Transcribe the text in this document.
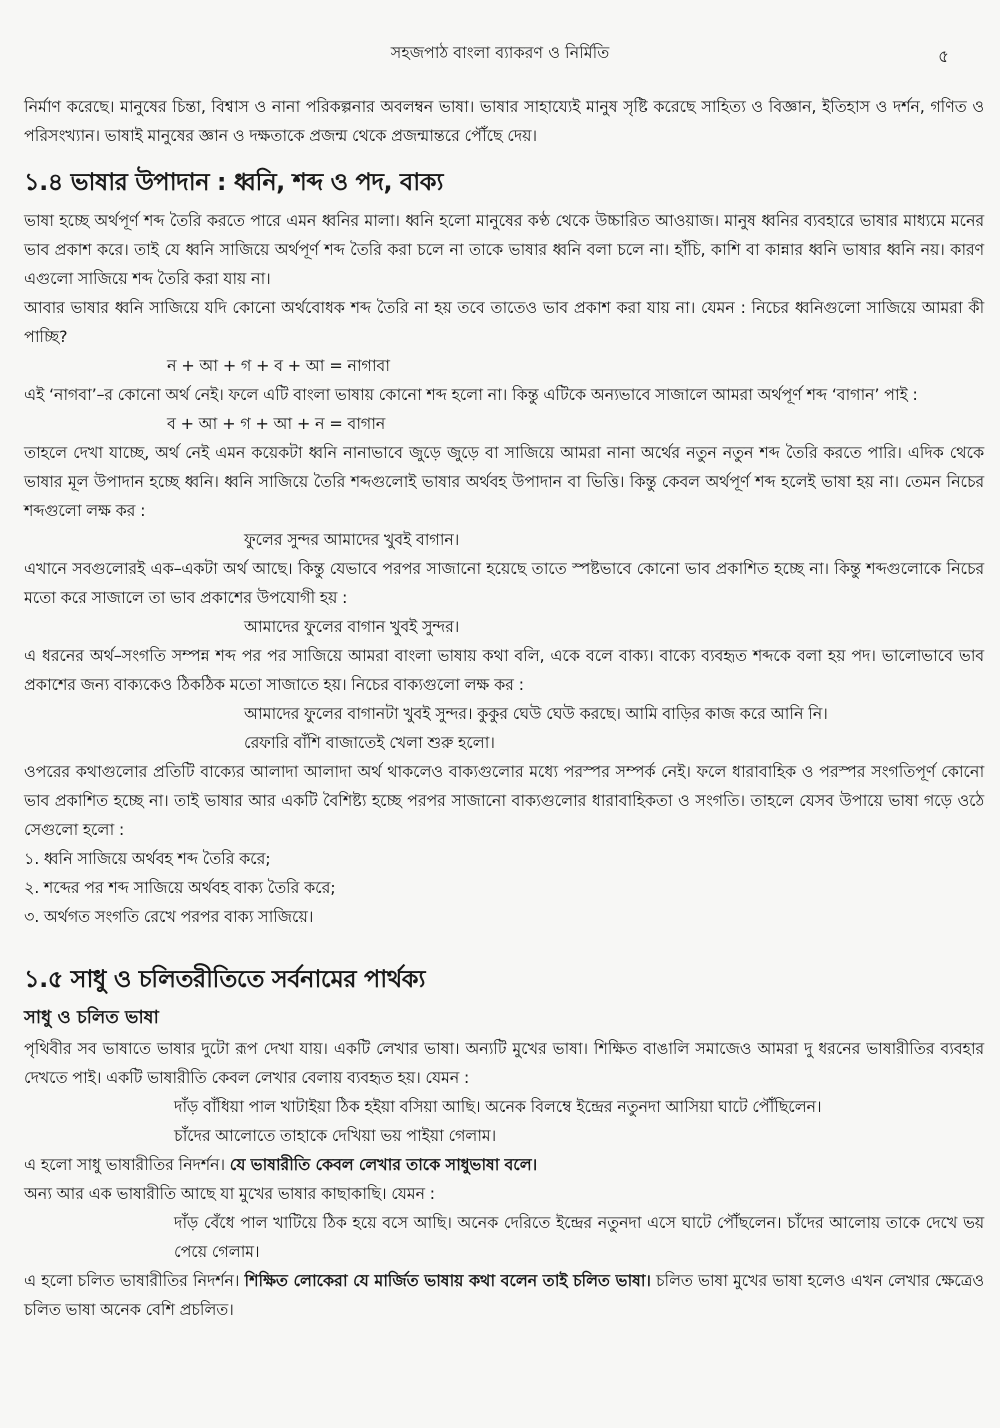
সহজপাঠ বাংলা ব্যাকরণ ও নির্মিতি	৫

নির্মাণ করেছে। মানুষের চিন্তা, বিশ্বাস ও নানা পরিকল্পনার অবলম্বন ভাষা। ভাষার সাহায্যেই মানুষ সৃষ্টি করেছে সাহিত্য ও বিজ্ঞান, ইতিহাস ও দর্শন, গণিত ও পরিসংখ্যান। ভাষাই মানুষের জ্ঞান ও দক্ষতাকে প্রজন্ম থেকে প্রজন্মান্তরে পৌঁছে দেয়।

১.৪ ভাষার উপাদান : ধ্বনি, শব্দ ও পদ, বাক্য

ভাষা হচ্ছে অর্থপূর্ণ শব্দ তৈরি করতে পারে এমন ধ্বনির মালা। ধ্বনি হলো মানুষের কণ্ঠ থেকে উচ্চারিত আওয়াজ। মানুষ ধ্বনির ব্যবহারে ভাষার মাধ্যমে মনের ভাব প্রকাশ করে। তাই যে ধ্বনি সাজিয়ে অর্থপূর্ণ শব্দ তৈরি করা চলে না তাকে ভাষার ধ্বনি বলা চলে না। হাঁচি, কাশি বা কান্নার ধ্বনি ভাষার ধ্বনি নয়। কারণ এগুলো সাজিয়ে শব্দ তৈরি করা যায় না।

আবার ভাষার ধ্বনি সাজিয়ে যদি কোনো অর্থবোধক শব্দ তৈরি না হয় তবে তাতেও ভাব প্রকাশ করা যায় না। যেমন : নিচের ধ্বনিগুলো সাজিয়ে আমরা কী পাচ্ছি?

ন + আ + গ + ব + আ = নাগাবা

এই ‘নাগবা’–র কোনো অর্থ নেই। ফলে এটি বাংলা ভাষায় কোনো শব্দ হলো না। কিন্তু এটিকে অন্যভাবে সাজালে আমরা অর্থপূর্ণ শব্দ ‘বাগান’ পাই :

ব + আ + গ + আ + ন = বাগান

তাহলে দেখা যাচ্ছে, অর্থ নেই এমন কয়েকটা ধ্বনি নানাভাবে জুড়ে জুড়ে বা সাজিয়ে আমরা নানা অর্থের নতুন নতুন শব্দ তৈরি করতে পারি। এদিক থেকে ভাষার মূল উপাদান হচ্ছে ধ্বনি। ধ্বনি সাজিয়ে তৈরি শব্দগুলোই ভাষার অর্থবহ উপাদান বা ভিত্তি। কিন্তু কেবল অর্থপূর্ণ শব্দ হলেই ভাষা হয় না। তেমন নিচের শব্দগুলো লক্ষ কর :

ফুলের সুন্দর আমাদের খুবই বাগান।

এখানে সবগুলোরই এক–একটা অর্থ আছে। কিন্তু যেভাবে পরপর সাজানো হয়েছে তাতে স্পষ্টভাবে কোনো ভাব প্রকাশিত হচ্ছে না। কিন্তু শব্দগুলোকে নিচের মতো করে সাজালে তা ভাব প্রকাশের উপযোগী হয় :

আমাদের ফুলের বাগান খুবই সুন্দর।

এ ধরনের অর্থ–সংগতি সম্পন্ন শব্দ পর পর সাজিয়ে আমরা বাংলা ভাষায় কথা বলি, একে বলে বাক্য। বাক্যে ব্যবহৃত শব্দকে বলা হয় পদ। ভালোভাবে ভাব প্রকাশের জন্য বাক্যকেও ঠিকঠিক মতো সাজাতে হয়। নিচের বাক্যগুলো লক্ষ কর :

আমাদের ফুলের বাগানটা খুবই সুন্দর। কুকুর ঘেউ ঘেউ করছে। আমি বাড়ির কাজ করে আনি নি।

রেফারি বাঁশি বাজাতেই খেলা শুরু হলো।

ওপরের কথাগুলোর প্রতিটি বাক্যের আলাদা আলাদা অর্থ থাকলেও বাক্যগুলোর মধ্যে পরস্পর সম্পর্ক নেই। ফলে ধারাবাহিক ও পরস্পর সংগতিপূর্ণ কোনো ভাব প্রকাশিত হচ্ছে না। তাই ভাষার আর একটি বৈশিষ্ট্য হচ্ছে পরপর সাজানো বাক্যগুলোর ধারাবাহিকতা ও সংগতি। তাহলে যেসব উপায়ে ভাষা গড়ে ওঠে সেগুলো হলো :

১. ধ্বনি সাজিয়ে অর্থবহ শব্দ তৈরি করে;

২. শব্দের পর শব্দ সাজিয়ে অর্থবহ বাক্য তৈরি করে;

৩. অর্থগত সংগতি রেখে পরপর বাক্য সাজিয়ে।

১.৫ সাধু ও চলিতরীতিতে সর্বনামের পার্থক্য
সাধু ও চলিত ভাষা

পৃথিবীর সব ভাষাতে ভাষার দুটো রূপ দেখা যায়। একটি লেখার ভাষা। অন্যটি মুখের ভাষা। শিক্ষিত বাঙালি সমাজেও আমরা দু ধরনের ভাষারীতির ব্যবহার দেখতে পাই। একটি ভাষারীতি কেবল লেখার বেলায় ব্যবহৃত হয়। যেমন :

দাঁড় বাঁধিয়া পাল খাটাইয়া ঠিক হইয়া বসিয়া আছি। অনেক বিলম্বে ইন্দ্রের নতুনদা আসিয়া ঘাটে পৌঁছিলেন।

চাঁদের আলোতে তাহাকে দেখিয়া ভয় পাইয়া গেলাম।

এ হলো সাধু ভাষারীতির নিদর্শন। যে ভাষারীতি কেবল লেখার তাকে সাধুভাষা বলে।

অন্য আর এক ভাষারীতি আছে যা মুখের ভাষার কাছাকাছি। যেমন :

দাঁড় বেঁধে পাল খাটিয়ে ঠিক হয়ে বসে আছি। অনেক দেরিতে ইন্দ্রের নতুনদা এসে ঘাটে পৌঁছলেন। চাঁদের আলোয় তাকে দেখে ভয় পেয়ে গেলাম।

এ হলো চলিত ভাষারীতির নিদর্শন। শিক্ষিত লোকেরা যে মার্জিত ভাষায় কথা বলেন তাই চলিত ভাষা। চলিত ভাষা মুখের ভাষা হলেও এখন লেখার ক্ষেত্রেও চলিত ভাষা অনেক বেশি প্রচলিত।
